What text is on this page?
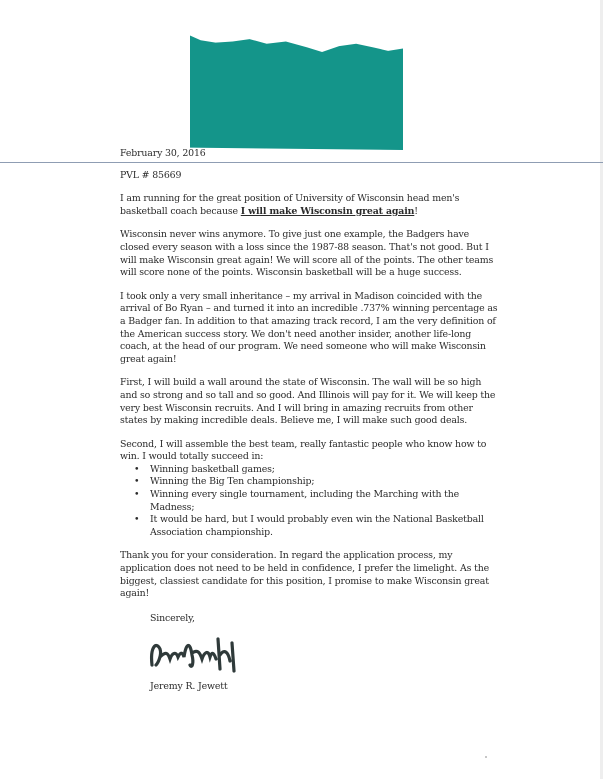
February 30, 2016

PVL # 85669

I am running for the great position of University of Wisconsin head men's basketball coach because I will make Wisconsin great again!

Wisconsin never wins anymore. To give just one example, the Badgers have closed every season with a loss since the 1987-88 season. That's not good. But I will make Wisconsin great again! We will score all of the points. The other teams will score none of the points. Wisconsin basketball will be a huge success.

I took only a very small inheritance – my arrival in Madison coincided with the arrival of Bo Ryan – and turned it into an incredible .737% winning percentage as a Badger fan. In addition to that amazing track record, I am the very definition of the American success story. We don't need another insider, another life-long coach, at the head of our program. We need someone who will make Wisconsin great again!

First, I will build a wall around the state of Wisconsin. The wall will be so high and so strong and so tall and so good. And Illinois will pay for it. We will keep the very best Wisconsin recruits. And I will bring in amazing recruits from other states by making incredible deals. Believe me, I will make such good deals.

Second, I will assemble the best team, really fantastic people who know how to win. I would totally succeed in:

• Winning basketball games;
• Winning the Big Ten championship;
• Winning every single tournament, including the Marching with the Madness;
• It would be hard, but I would probably even win the National Basketball Association championship.

Thank you for your consideration. In regard the application process, my application does not need to be held in confidence, I prefer the limelight. As the biggest, classiest candidate for this position, I promise to make Wisconsin great again!

Sincerely,

Jeremy R. Jewett
